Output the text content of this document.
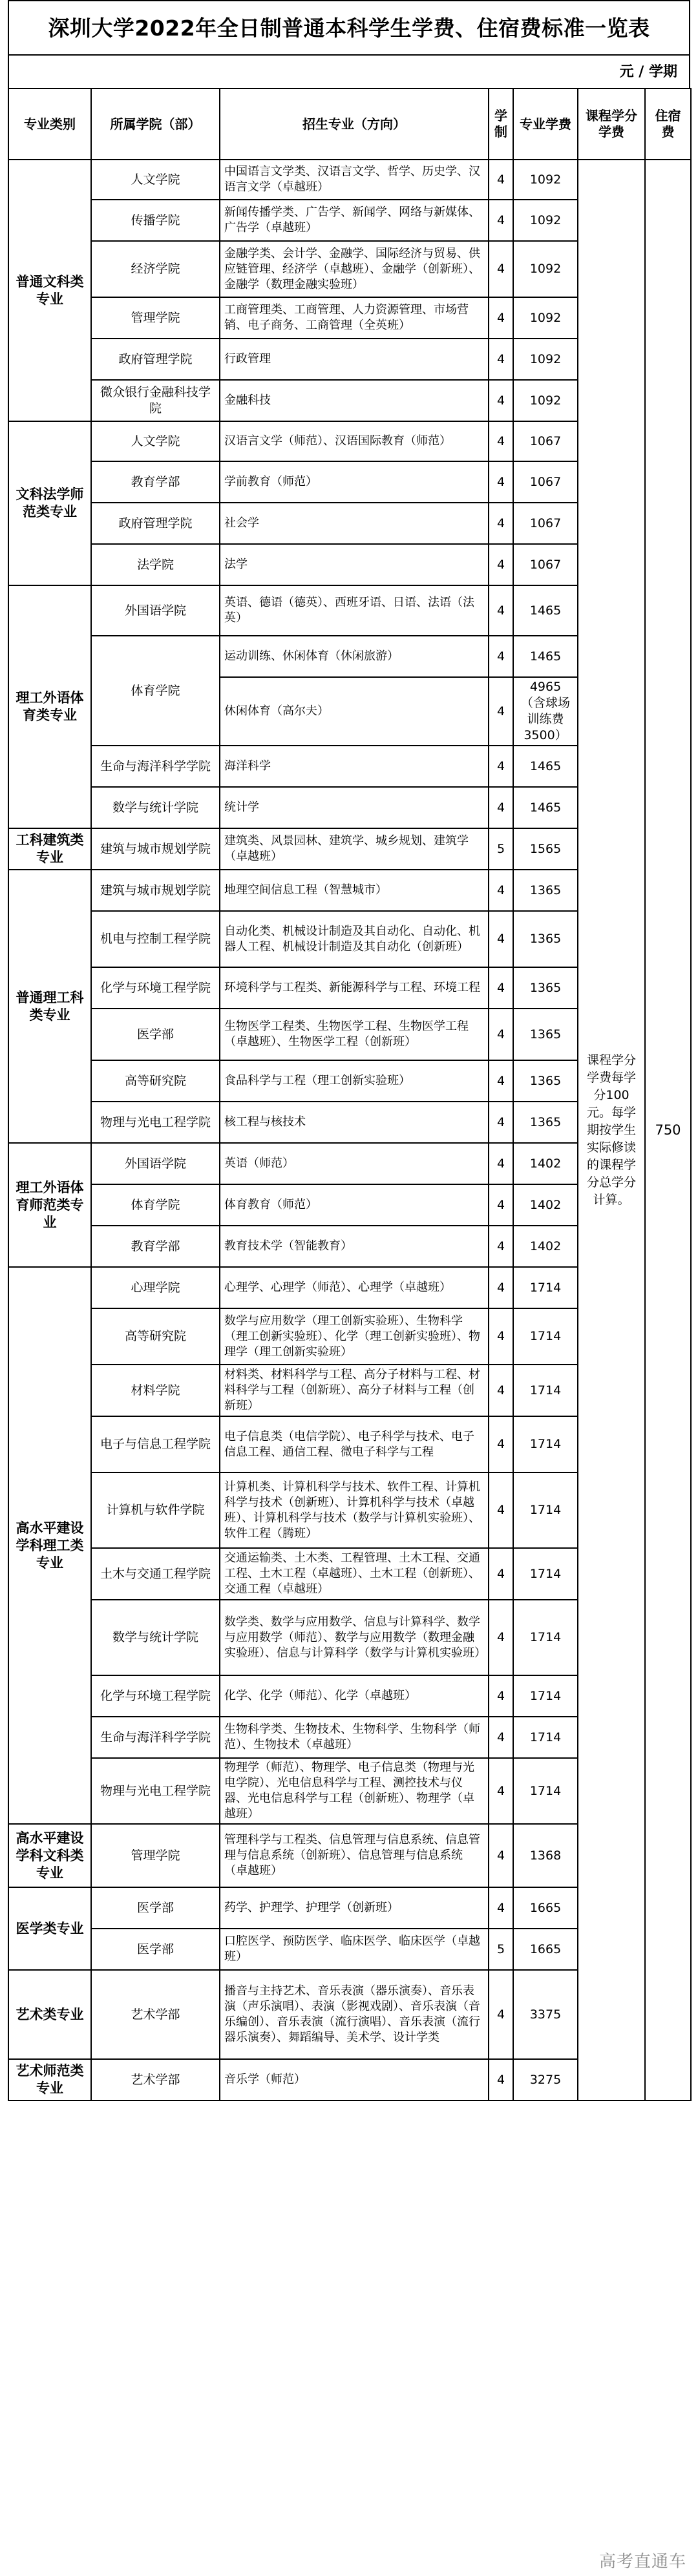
深圳大学2022年全日制普通本科学生学费、住宿费标准一览表
元 / 学期
专业类别	所属学院（部）	招生专业（方向）	学制	专业学费	课程学分学费	住宿费
普通文科类专业	人文学院	中国语言文学类、汉语言文学、哲学、历史学、汉语言文学（卓越班）	4	1092	课程学分学费每学分100元。每学期按学生实际修读的课程学分总学分计算。	750
	传播学院	新闻传播学类、广告学、新闻学、网络与新媒体、广告学（卓越班）	4	1092		
	经济学院	金融学类、会计学、金融学、国际经济与贸易、供应链管理、经济学（卓越班）、金融学（创新班）、金融学（数理金融实验班）	4	1092		
	管理学院	工商管理类、工商管理、人力资源管理、市场营销、电子商务、工商管理（全英班）	4	1092		
	政府管理学院	行政管理	4	1092		
	微众银行金融科技学院	金融科技	4	1092		
文科法学师范类专业	人文学院	汉语言文学（师范）、汉语国际教育（师范）	4	1067		
	教育学部	学前教育（师范）	4	1067		
	政府管理学院	社会学	4	1067		
	法学院	法学	4	1067		
理工外语体育类专业	外国语学院	英语、德语（德英）、西班牙语、日语、法语（法英）	4	1465		
	体育学院	运动训练、休闲体育（休闲旅游）	4	1465		
		休闲体育（高尔夫）	4	4965（含球场训练费3500）		
	生命与海洋科学学院	海洋科学	4	1465		
	数学与统计学院	统计学	4	1465		
工科建筑类专业	建筑与城市规划学院	建筑类、风景园林、建筑学、城乡规划、建筑学（卓越班）	5	1565		
普通理工科类专业	建筑与城市规划学院	地理空间信息工程（智慧城市）	4	1365		
	机电与控制工程学院	自动化类、机械设计制造及其自动化、自动化、机器人工程、机械设计制造及其自动化（创新班）	4	1365		
	化学与环境工程学院	环境科学与工程类、新能源科学与工程、环境工程	4	1365		
	医学部	生物医学工程类、生物医学工程、生物医学工程（卓越班）、生物医学工程（创新班）	4	1365		
	高等研究院	食品科学与工程（理工创新实验班）	4	1365		
	物理与光电工程学院	核工程与核技术	4	1365		
理工外语体育师范类专业	外国语学院	英语（师范）	4	1402		
	体育学院	体育教育（师范）	4	1402		
	教育学部	教育技术学（智能教育）	4	1402		
高水平建设学科理工类专业	心理学院	心理学、心理学（师范）、心理学（卓越班）	4	1714		
	高等研究院	数学与应用数学（理工创新实验班）、生物科学（理工创新实验班）、化学（理工创新实验班）、物理学（理工创新实验班）	4	1714		
	材料学院	材料类、材料科学与工程、高分子材料与工程、材料科学与工程（创新班）、高分子材料与工程（创新班）	4	1714		
	电子与信息工程学院	电子信息类（电信学院）、电子科学与技术、电子信息工程、通信工程、微电子科学与工程	4	1714		
	计算机与软件学院	计算机类、计算机科学与技术、软件工程、计算机科学与技术（创新班）、计算机科学与技术（卓越班）、计算机科学与技术（数学与计算机实验班）、软件工程（腾班）	4	1714		
	土木与交通工程学院	交通运输类、土木类、工程管理、土木工程、交通工程、土木工程（卓越班）、土木工程（创新班）、交通工程（卓越班）	4	1714		
	数学与统计学院	数学类、数学与应用数学、信息与计算科学、数学与应用数学（师范）、数学与应用数学（数理金融实验班）、信息与计算科学（数学与计算机实验班）	4	1714		
	化学与环境工程学院	化学、化学（师范）、化学（卓越班）	4	1714		
	生命与海洋科学学院	生物科学类、生物技术、生物科学、生物科学（师范）、生物技术（卓越班）	4	1714		
	物理与光电工程学院	物理学（师范）、物理学、电子信息类（物理与光电学院）、光电信息科学与工程、测控技术与仪器、光电信息科学与工程（创新班）、物理学（卓越班）	4	1714		
高水平建设学科文科类专业	管理学院	管理科学与工程类、信息管理与信息系统、信息管理与信息系统（创新班）、信息管理与信息系统（卓越班）	4	1368		
医学类专业	医学部	药学、护理学、护理学（创新班）	4	1665		
	医学部	口腔医学、预防医学、临床医学、临床医学（卓越班）	5	1665		
艺术类专业	艺术学部	播音与主持艺术、音乐表演（器乐演奏）、音乐表演（声乐演唱）、表演（影视戏剧）、音乐表演（音乐编创）、音乐表演（流行演唱）、音乐表演（流行器乐演奏）、舞蹈编导、美术学、设计学类	4	3375		
艺术师范类专业	艺术学部	音乐学（师范）	4	3275		
高考直通车
